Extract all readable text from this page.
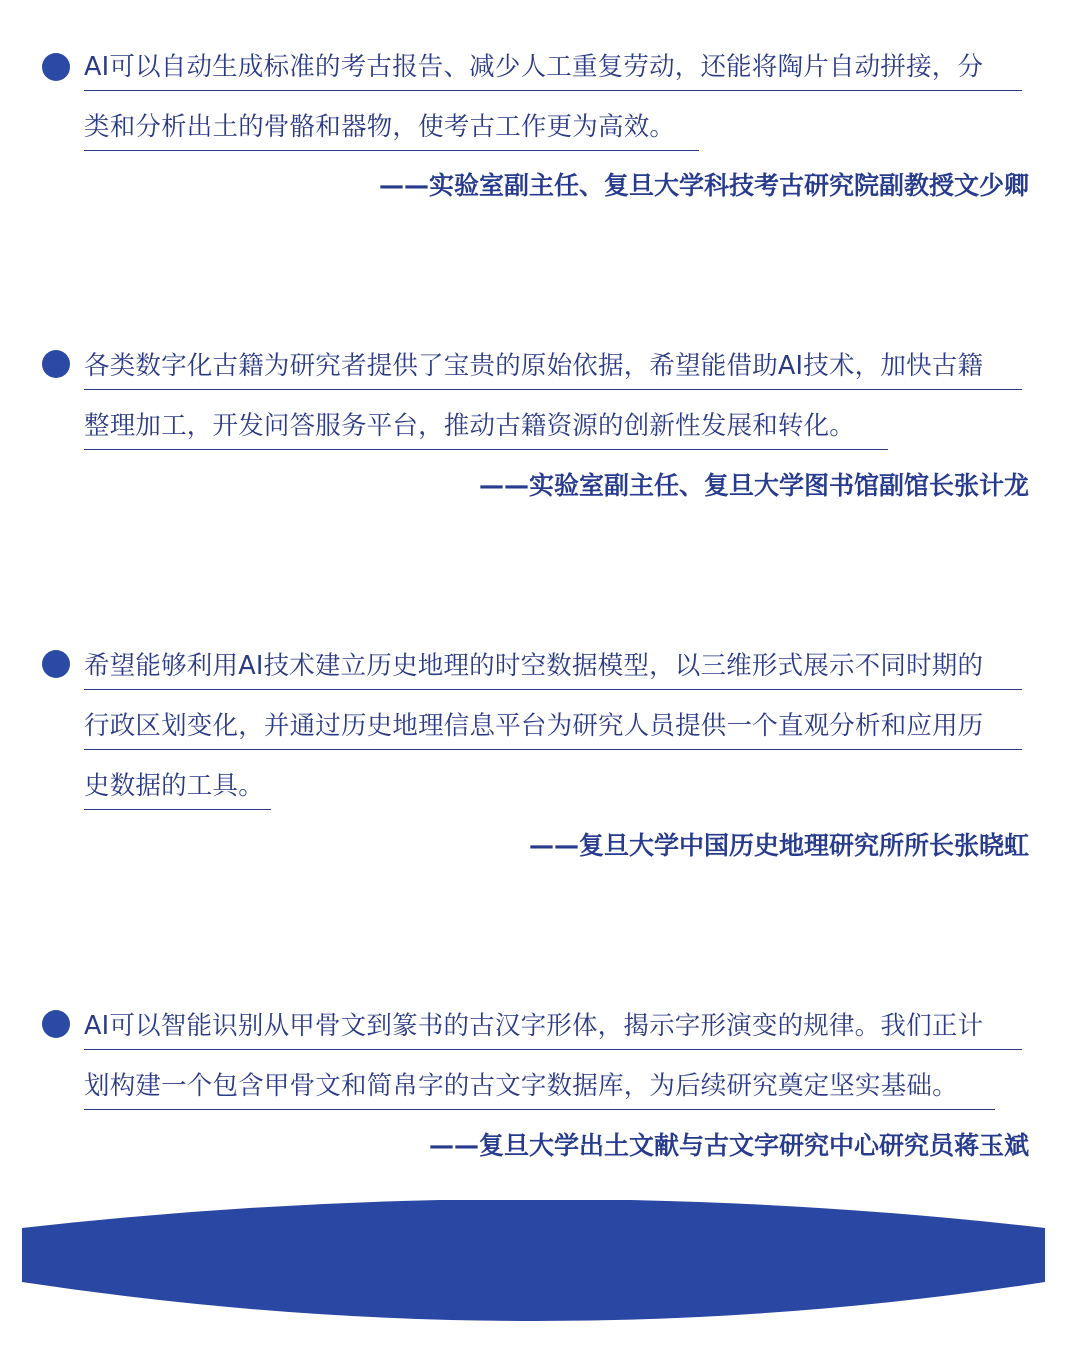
AI可以自动生成标准的考古报告、减少人工重复劳动，还能将陶片自动拼接，分
类和分析出土的骨骼和器物，使考古工作更为高效。
——实验室副主任、复旦大学科技考古研究院副教授文少卿
各类数字化古籍为研究者提供了宝贵的原始依据，希望能借助AI技术，加快古籍
整理加工，开发问答服务平台，推动古籍资源的创新性发展和转化。
——实验室副主任、复旦大学图书馆副馆长张计龙
希望能够利用AI技术建立历史地理的时空数据模型，以三维形式展示不同时期的
行政区划变化，并通过历史地理信息平台为研究人员提供一个直观分析和应用历
史数据的工具。
——复旦大学中国历史地理研究所所长张晓虹
AI可以智能识别从甲骨文到篆书的古汉字形体，揭示字形演变的规律。我们正计
划构建一个包含甲骨文和简帛字的古文字数据库，为后续研究奠定坚实基础。
——复旦大学出土文献与古文字研究中心研究员蒋玉斌
